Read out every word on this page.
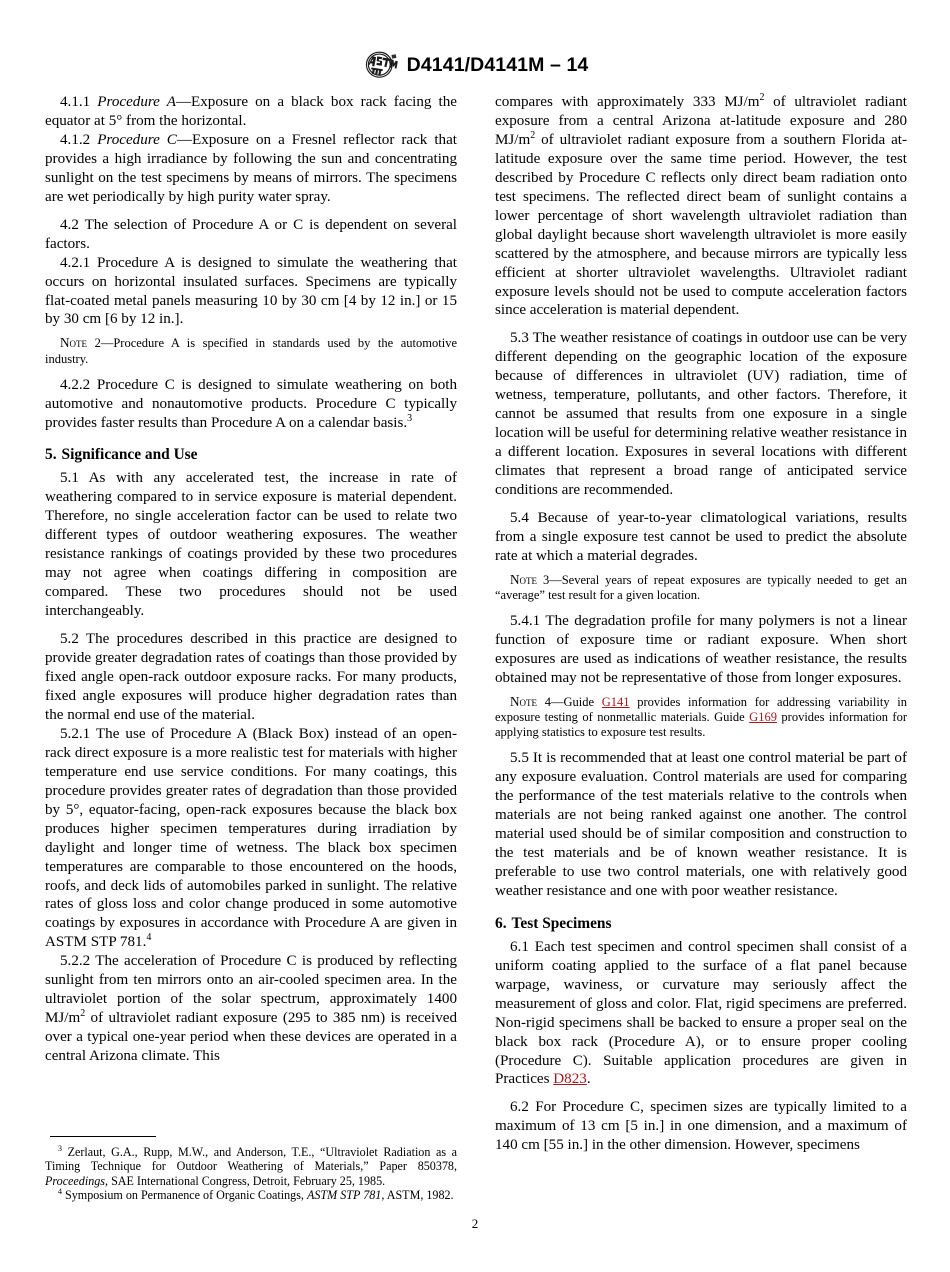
D4141/D4141M – 14

4.1.1 Procedure A—Exposure on a black box rack facing the equator at 5° from the horizontal.

4.1.2 Procedure C—Exposure on a Fresnel reflector rack that provides a high irradiance by following the sun and concentrating sunlight on the test specimens by means of mirrors. The specimens are wet periodically by high purity water spray.

4.2 The selection of Procedure A or C is dependent on several factors.

4.2.1 Procedure A is designed to simulate the weathering that occurs on horizontal insulated surfaces. Specimens are typically flat-coated metal panels measuring 10 by 30 cm [4 by 12 in.] or 15 by 30 cm [6 by 12 in.].

Note 2—Procedure A is specified in standards used by the automotive industry.

4.2.2 Procedure C is designed to simulate weathering on both automotive and nonautomotive products. Procedure C typically provides faster results than Procedure A on a calendar basis.$^3$

5. Significance and Use

5.1 As with any accelerated test, the increase in rate of weathering compared to in service exposure is material dependent. Therefore, no single acceleration factor can be used to relate two different types of outdoor weathering exposures. The weather resistance rankings of coatings provided by these two procedures may not agree when coatings differing in composition are compared. These two procedures should not be used interchangeably.

5.2 The procedures described in this practice are designed to provide greater degradation rates of coatings than those provided by fixed angle open-rack outdoor exposure racks. For many products, fixed angle exposures will produce higher degradation rates than the normal end use of the material.

5.2.1 The use of Procedure A (Black Box) instead of an open-rack direct exposure is a more realistic test for materials with higher temperature end use service conditions. For many coatings, this procedure provides greater rates of degradation than those provided by 5°, equator-facing, open-rack exposures because the black box produces higher specimen temperatures during irradiation by daylight and longer time of wetness. The black box specimen temperatures are comparable to those encountered on the hoods, roofs, and deck lids of automobiles parked in sunlight. The relative rates of gloss loss and color change produced in some automotive coatings by exposures in accordance with Procedure A are given in ASTM STP 781.$^4$

5.2.2 The acceleration of Procedure C is produced by reflecting sunlight from ten mirrors onto an air-cooled specimen area. In the ultraviolet portion of the solar spectrum, approximately 1400 $MJ/m^2$ of ultraviolet radiant exposure (295 to 385 nm) is received over a typical one-year period when these devices are operated in a central Arizona climate. This

$^3$ Zerlaut, G.A., Rupp, M.W., and Anderson, T.E., “Ultraviolet Radiation as a Timing Technique for Outdoor Weathering of Materials,” Paper 850378, Proceedings, SAE International Congress, Detroit, February 25, 1985.

$^4$ Symposium on Permanence of Organic Coatings, ASTM STP 781, ASTM, 1982.

compares with approximately 333 $MJ/m^2$ of ultraviolet radiant exposure from a central Arizona at-latitude exposure and 280 $MJ/m^2$ of ultraviolet radiant exposure from a southern Florida at-latitude exposure over the same time period. However, the test described by Procedure C reflects only direct beam radiation onto test specimens. The reflected direct beam of sunlight contains a lower percentage of short wavelength ultraviolet radiation than global daylight because short wavelength ultraviolet is more easily scattered by the atmosphere, and because mirrors are typically less efficient at shorter ultraviolet wavelengths. Ultraviolet radiant exposure levels should not be used to compute acceleration factors since acceleration is material dependent.

5.3 The weather resistance of coatings in outdoor use can be very different depending on the geographic location of the exposure because of differences in ultraviolet (UV) radiation, time of wetness, temperature, pollutants, and other factors. Therefore, it cannot be assumed that results from one exposure in a single location will be useful for determining relative weather resistance in a different location. Exposures in several locations with different climates that represent a broad range of anticipated service conditions are recommended.

5.4 Because of year-to-year climatological variations, results from a single exposure test cannot be used to predict the absolute rate at which a material degrades.

Note 3—Several years of repeat exposures are typically needed to get an “average” test result for a given location.

5.4.1 The degradation profile for many polymers is not a linear function of exposure time or radiant exposure. When short exposures are used as indications of weather resistance, the results obtained may not be representative of those from longer exposures.

Note 4—Guide G141 provides information for addressing variability in exposure testing of nonmetallic materials. Guide G169 provides information for applying statistics to exposure test results.

5.5 It is recommended that at least one control material be part of any exposure evaluation. Control materials are used for comparing the performance of the test materials relative to the controls when materials are not being ranked against one another. The control material used should be of similar composition and construction to the test materials and be of known weather resistance. It is preferable to use two control materials, one with relatively good weather resistance and one with poor weather resistance.

6. Test Specimens

6.1 Each test specimen and control specimen shall consist of a uniform coating applied to the surface of a flat panel because warpage, waviness, or curvature may seriously affect the measurement of gloss and color. Flat, rigid specimens are preferred. Non-rigid specimens shall be backed to ensure a proper seal on the black box rack (Procedure A), or to ensure proper cooling (Procedure C). Suitable application procedures are given in Practices D823.

6.2 For Procedure C, specimen sizes are typically limited to a maximum of 13 cm [5 in.] in one dimension, and a maximum of 140 cm [55 in.] in the other dimension. However, specimens

2
